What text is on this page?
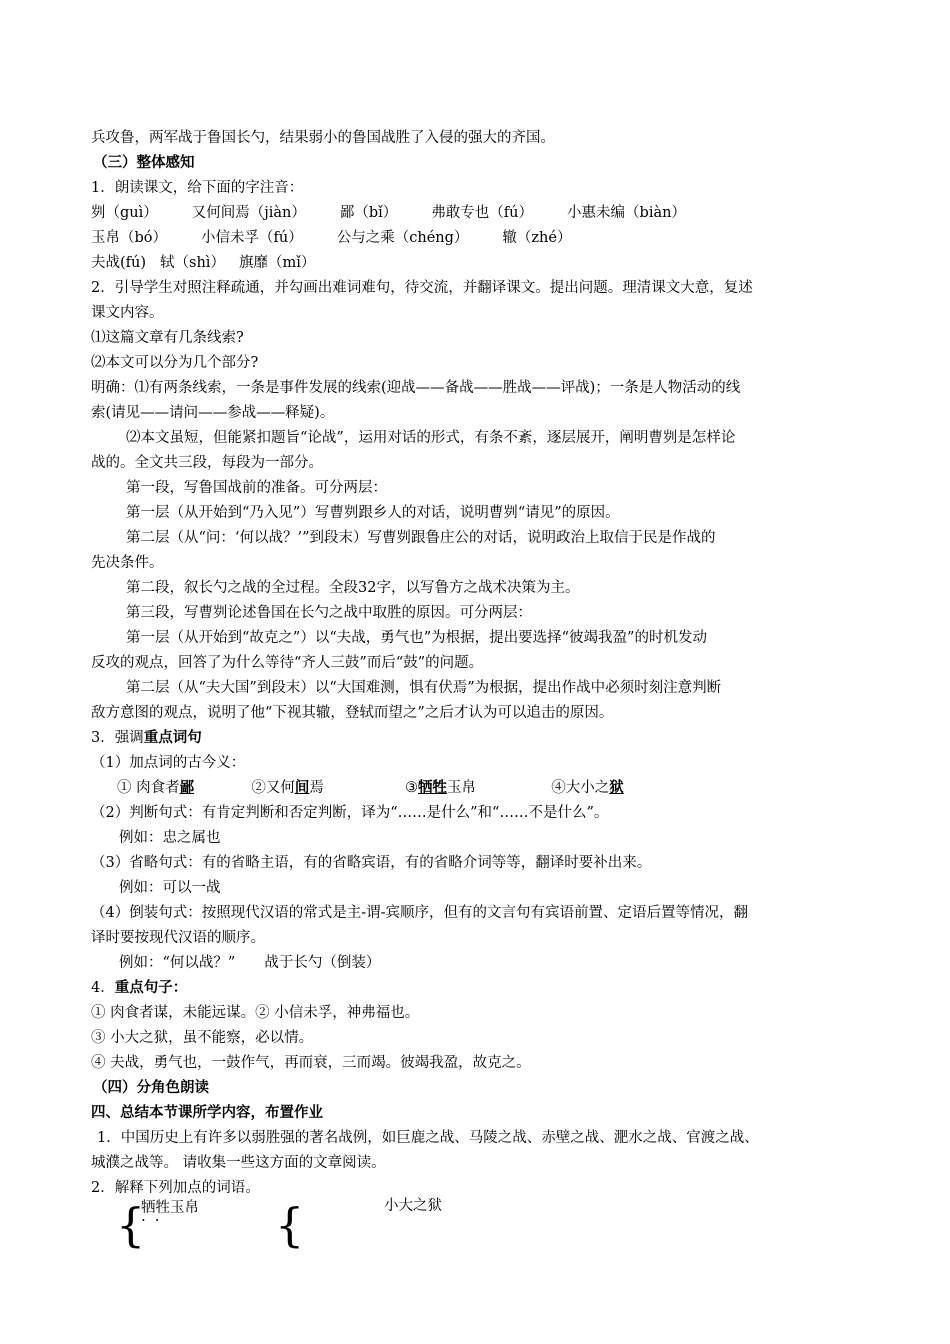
兵攻鲁，两军战于鲁国长勺，结果弱小的鲁国战胜了入侵的强大的齐国。
（三）整体感知
1．朗读课文，给下面的字注音：
刿（guì） 又何间焉（jiàn） 鄙（bǐ） 弗敢专也（fú） 小惠未编（biàn）
玉帛（bó） 小信未孚（fú） 公与之乘（chéng） 辙（zhé）
夫战(fú) 轼（shì） 旗靡（mǐ）
2．引导学生对照注释疏通，并勾画出难词难句，待交流，并翻译课文。提出问题。理清课文大意，复述
课文内容。
⑴这篇文章有几条线索?
⑵本文可以分为几个部分?
明确：⑴有两条线索，一条是事件发展的线索(迎战——备战——胜战——评战)；一条是人物活动的线
索(请见——请问——参战——释疑)。
⑵本文虽短，但能紧扣题旨“论战”，运用对话的形式，有条不紊，逐层展开，阐明曹刿是怎样论
战的。全文共三段，每段为一部分。
第一段，写鲁国战前的准备。可分两层：
第一层（从开始到“乃入见”）写曹刿跟乡人的对话，说明曹刿“请见”的原因。
第二层（从“问：‘何以战？’”到段末）写曹刿跟鲁庄公的对话，说明政治上取信于民是作战的
先决条件。
第二段，叙长勺之战的全过程。全段32字，以写鲁方之战术决策为主。
第三段，写曹刿论述鲁国在长勺之战中取胜的原因。可分两层：
第一层（从开始到“故克之”）以“夫战，勇气也”为根据，提出要选择“彼竭我盈”的时机发动
反攻的观点，回答了为什么等待“齐人三鼓”而后“鼓”的问题。
第二层（从“夫大国”到段末）以“大国难测，惧有伏焉”为根据，提出作战中必须时刻注意判断
敌方意图的观点，说明了他“下视其辙，登轼而望之”之后才认为可以追击的原因。
3．强调重点词句
（1）加点词的古今义：
① 肉食者鄙	②又何间焉	③牺牲玉帛	④大小之狱
（2）判断句式：有肯定判断和否定判断，译为“……是什么”和“……不是什么”。
例如：忠之属也
（3）省略句式：有的省略主语，有的省略宾语，有的省略介词等等，翻译时要补出来。
例如：可以一战
（4）倒装句式：按照现代汉语的常式是主-谓-宾顺序，但有的文言句有宾语前置、定语后置等情况，翻
译时要按现代汉语的顺序。
例如：“何以战？”　　战于长勺（倒装）
4．重点句子：
① 肉食者谋，未能远谋。② 小信未孚，神弗福也。
③ 小大之狱，虽不能察，必以情。
④ 夫战，勇气也，一鼓作气，再而衰，三而竭。彼竭我盈，故克之。
（四）分角色朗读
四、总结本节课所学内容，布置作业
1．中国历史上有许多以弱胜强的著名战例，如巨鹿之战、马陵之战、赤壁之战、淝水之战、官渡之战、
城濮之战等。 请收集一些这方面的文章阅读。
2．解释下列加点的词语。
{
牺牲玉帛
·· {	小大之狱
